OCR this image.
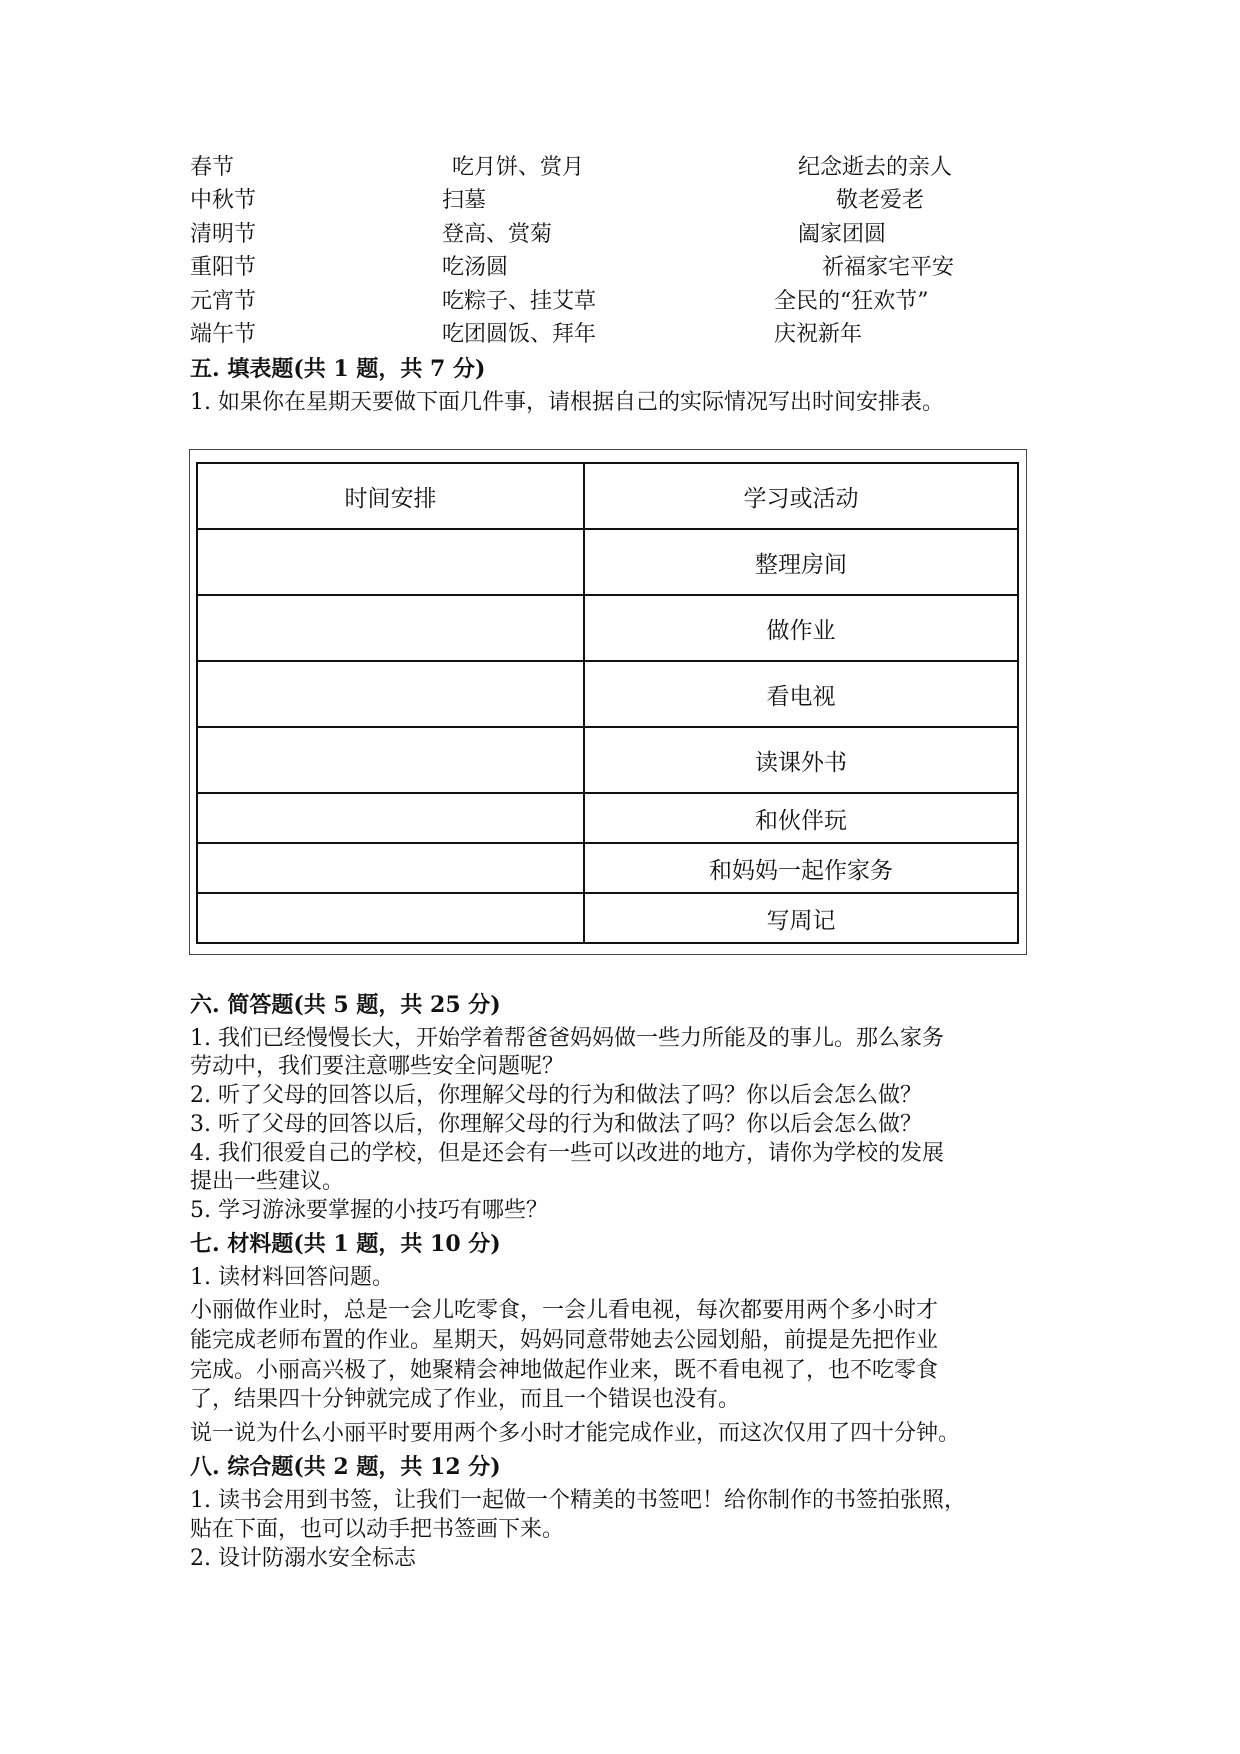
春节	吃月饼、赏月	纪念逝去的亲人
中秋节	扫墓	敬老爱老
清明节	登高、赏菊	阖家团圆
重阳节	吃汤圆	祈福家宅平安
元宵节	吃粽子、挂艾草	全民的“狂欢节”
端午节	吃团圆饭、拜年	庆祝新年
五. 填表题(共 1 题，共 7 分)
1. 如果你在星期天要做下面几件事，请根据自己的实际情况写出时间安排表。
时间安排	学习或活动
	整理房间
	做作业
	看电视
	读课外书
	和伙伴玩
	和妈妈一起作家务
	写周记
六. 简答题(共 5 题，共 25 分)
1. 我们已经慢慢长大，开始学着帮爸爸妈妈做一些力所能及的事儿。那么家务
劳动中，我们要注意哪些安全问题呢？
2. 听了父母的回答以后，你理解父母的行为和做法了吗？你以后会怎么做？
3. 听了父母的回答以后，你理解父母的行为和做法了吗？你以后会怎么做？
4. 我们很爱自己的学校，但是还会有一些可以改进的地方，请你为学校的发展
提出一些建议。
5. 学习游泳要掌握的小技巧有哪些？
七. 材料题(共 1 题，共 10 分)
1. 读材料回答问题。
小丽做作业时，总是一会儿吃零食，一会儿看电视，每次都要用两个多小时才
能完成老师布置的作业。星期天，妈妈同意带她去公园划船，前提是先把作业
完成。小丽高兴极了，她聚精会神地做起作业来，既不看电视了，也不吃零食
了，结果四十分钟就完成了作业，而且一个错误也没有。
说一说为什么小丽平时要用两个多小时才能完成作业，而这次仅用了四十分钟。
八. 综合题(共 2 题，共 12 分)
1. 读书会用到书签，让我们一起做一个精美的书签吧！给你制作的书签拍张照，
贴在下面，也可以动手把书签画下来。
2. 设计防溺水安全标志
